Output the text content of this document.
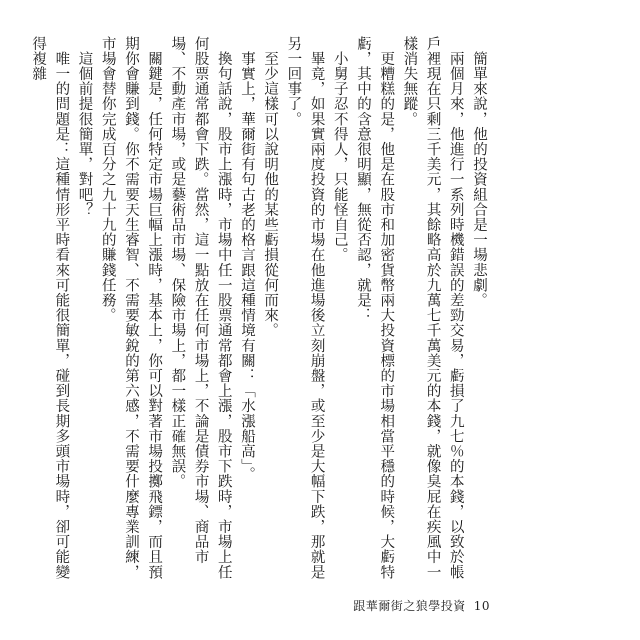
簡單來說，他的投資組合是一場悲劇。

兩個月來，他進行一系列時機錯誤的差勁交易，虧損了九七％的本錢，以致於帳戶裡現在只剩三千美元，其餘略高於九萬七千萬美元的本錢，就像臭屁在疾風中一樣消失無蹤。

更糟糕的是，他是在股市和加密貨幣兩大投資標的市場相當平穩的時候，大虧特虧，其中的含意很明顯，無從否認，就是：

小舅子忍不得人，只能怪自己。

畢竟，如果實兩度投資的市場在他進場後立刻崩盤，或至少是大幅下跌，那就是另一回事了。

至少這樣可以說明他的某些虧損從何而來。

事實上，華爾街有句古老的格言跟這種情境有關：「水漲船高」。

換句話說，股市上漲時，市場中任一股票通常都會上漲，股市下跌時，市場上任何股票通常都會下跌。當然，這一點放在任何市場上，不論是債券市場、商品市場、不動產市場，或是藝術品市場、保險市場上，都一樣正確無誤。

關鍵是，任何特定市場巨幅上漲時，基本上，你可以對著市場投擲飛鏢，而且預期你會賺到錢。你不需要天生睿智、不需要敏銳的第六感，不需要什麼專業訓練，市場會替你完成百分之九十九的賺錢任務。

這個前提很簡單，對吧？

唯一的問題是：這種情形平時看來可能很簡單，碰到長期多頭市場時，卻可能變得複雜

跟華爾街之狼學投資 10
